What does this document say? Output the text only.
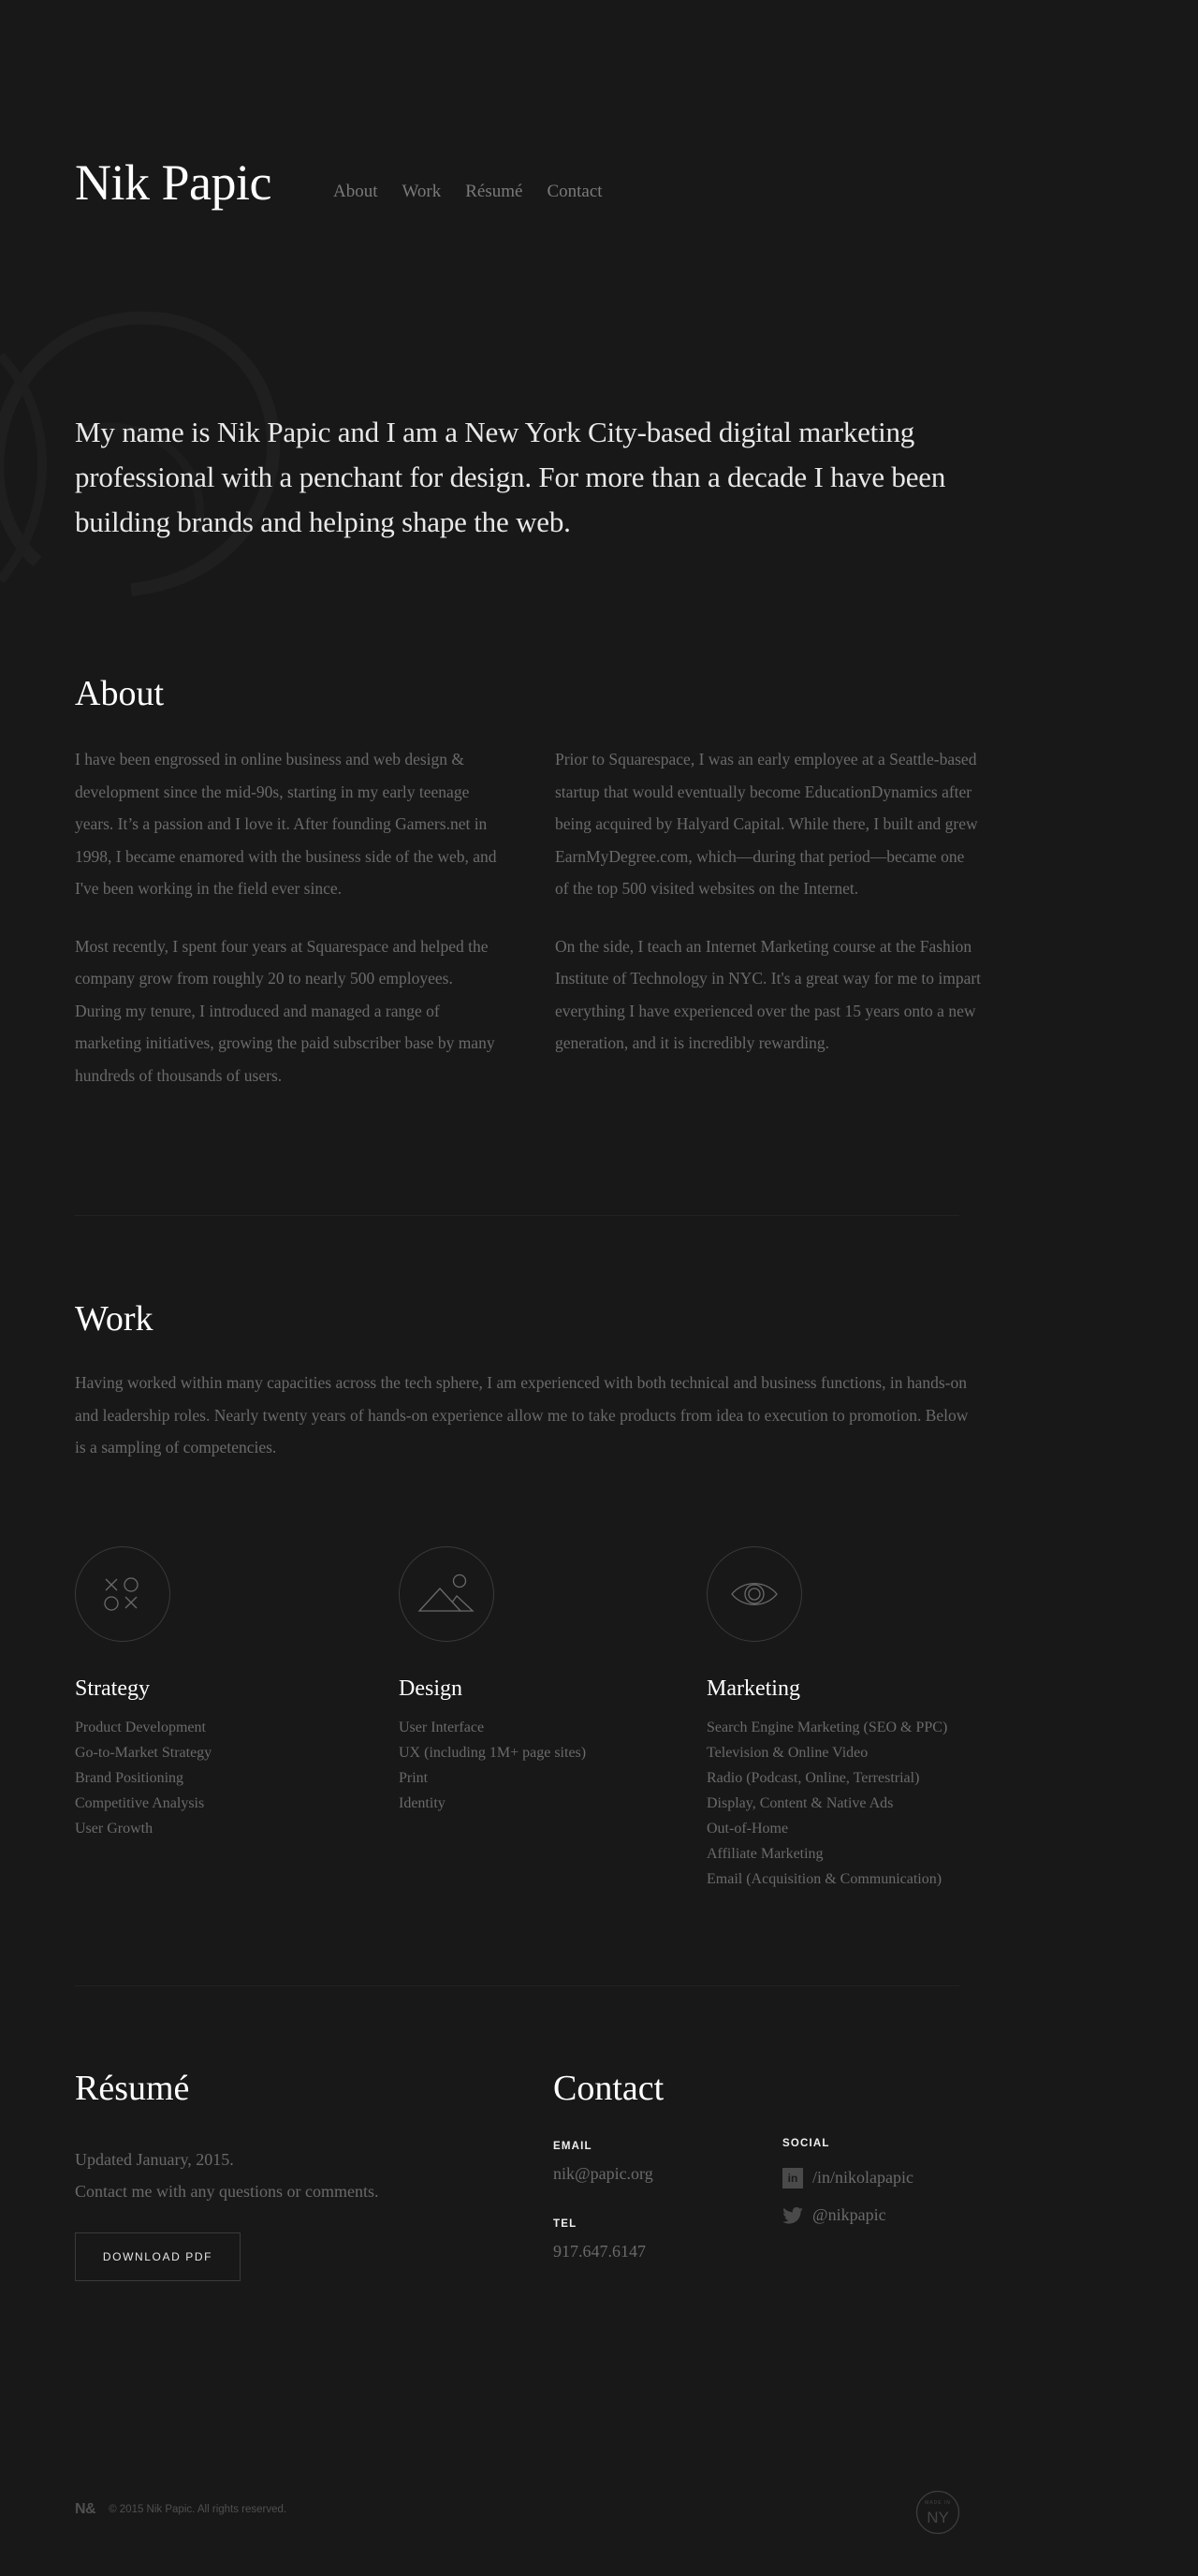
Nik Papic	About Work Résumé Contact

My name is Nik Papic and I am a New York City-based digital marketing professional with a penchant for design. For more than a decade I have been building brands and helping shape the web.

About

I have been engrossed in online business and web design & development since the mid-90s, starting in my early teenage years. It’s a passion and I love it. After founding Gamers.net in 1998, I became enamored with the business side of the web, and I've been working in the field ever since.

Most recently, I spent four years at Squarespace and helped the company grow from roughly 20 to nearly 500 employees. During my tenure, I introduced and managed a range of marketing initiatives, growing the paid subscriber base by many hundreds of thousands of users.

Prior to Squarespace, I was an early employee at a Seattle-based startup that would eventually become EducationDynamics after being acquired by Halyard Capital. While there, I built and grew EarnMyDegree.com, which—during that period—became one of the top 500 visited websites on the Internet.

On the side, I teach an Internet Marketing course at the Fashion Institute of Technology in NYC. It's a great way for me to impart everything I have experienced over the past 15 years onto a new generation, and it is incredibly rewarding.

Work

Having worked within many capacities across the tech sphere, I am experienced with both technical and business functions, in hands-on and leadership roles. Nearly twenty years of hands-on experience allow me to take products from idea to execution to promotion. Below is a sampling of competencies.

Strategy
Product Development
Go-to-Market Strategy
Brand Positioning
Competitive Analysis
User Growth
Design
User Interface
UX (including 1M+ page sites)
Print
Identity
Marketing
Search Engine Marketing (SEO & PPC)
Television & Online Video
Radio (Podcast, Online, Terrestrial)
Display, Content & Native Ads
Out-of-Home
Affiliate Marketing
Email (Acquisition & Communication)
Résumé

Updated January, 2015.

Contact me with any questions or comments.

DOWNLOAD PDF
Contact
EMAIL
nik@papic.org
TEL
917.647.6147
SOCIAL
in /in/nikolapapic
@nikpapic
N& © 2015 Nik Papic. All rights reserved.
MADE IN
NY
